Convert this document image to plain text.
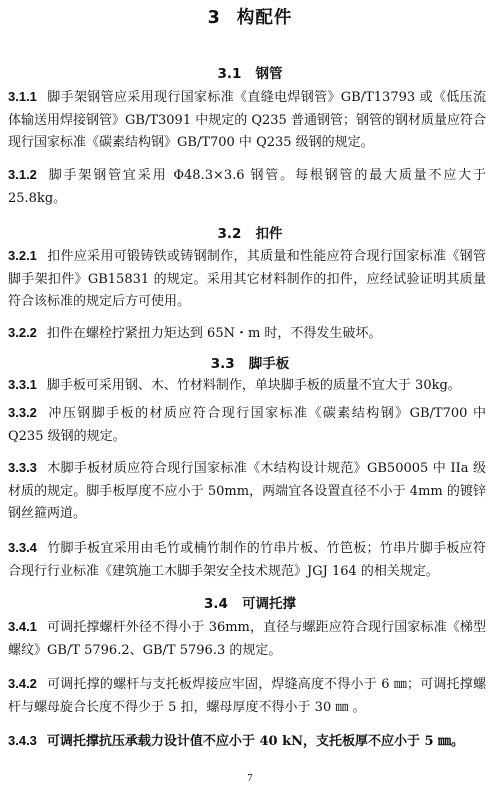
3 构配件
3.1 钢管
3.1.1 脚手架钢管应采用现行国家标准《直缝电焊钢管》GB/T13793 或《低压流体输送用焊接钢管》GB/T3091 中规定的 Q235 普通钢管；钢管的钢材质量应符合现行国家标准《碳素结构钢》GB/T700 中 Q235 级钢的规定。
3.1.2 脚手架钢管宜采用 Φ48.3×3.6 钢管。每根钢管的最大质量不应大于 25.8kg。
3.2 扣件
3.2.1 扣件应采用可锻铸铁或铸钢制作，其质量和性能应符合现行国家标准《钢管脚手架扣件》GB15831 的规定。采用其它材料制作的扣件，应经试验证明其质量符合该标准的规定后方可使用。
3.2.2 扣件在螺栓拧紧扭力矩达到 65N・m 时，不得发生破坏。
3.3 脚手板
3.3.1 脚手板可采用钢、木、竹材料制作，单块脚手板的质量不宜大于 30kg。
3.3.2 冲压钢脚手板的材质应符合现行国家标准《碳素结构钢》GB/T700 中 Q235 级钢的规定。
3.3.3 木脚手板材质应符合现行国家标准《木结构设计规范》GB50005 中 IIa 级材质的规定。脚手板厚度不应小于 50mm，两端宜各设置直径不小于 4mm 的镀锌钢丝箍两道。
3.3.4 竹脚手板宜采用由毛竹或楠竹制作的竹串片板、竹笆板；竹串片脚手板应符合现行行业标准《建筑施工木脚手架安全技术规范》JGJ 164 的相关规定。
3.4 可调托撑
3.4.1 可调托撑螺杆外径不得小于 36mm，直径与螺距应符合现行国家标准《梯型螺纹》GB/T 5796.2、GB/T 5796.3 的规定。
3.4.2 可调托撑的螺杆与支托板焊接应牢固，焊缝高度不得小于 6 ㎜；可调托撑螺杆与螺母旋合长度不得少于 5 扣，螺母厚度不得小于 30 ㎜ 。
3.4.3 可调托撑抗压承载力设计值不应小于 40 kN，支托板厚不应小于 5 ㎜。
7
